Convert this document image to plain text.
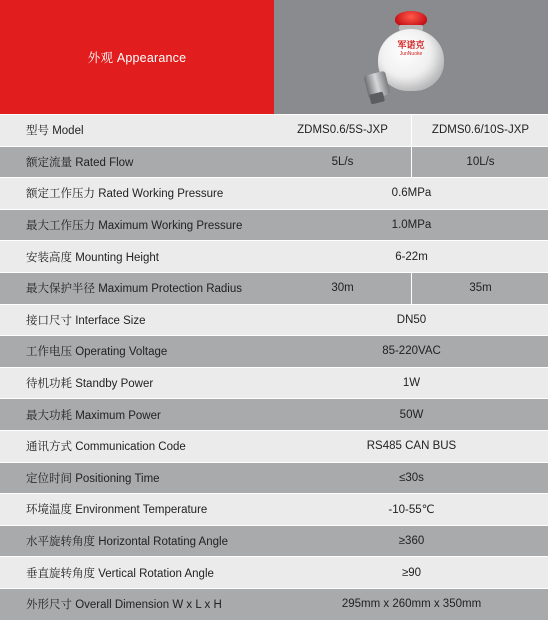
外观 Appearance
军诺克
JunNuoke
型号 Model	ZDMS0.6/5S-JXP	ZDMS0.6/10S-JXP
额定流量 Rated Flow	5L/s	10L/s
额定工作压力 Rated Working Pressure	0.6MPa	
最大工作压力 Maximum Working Pressure	1.0MPa	
安装高度 Mounting Height	6-22m	
最大保护半径 Maximum Protection Radius	30m	35m
接口尺寸 Interface Size	DN50	
工作电压 Operating Voltage	85-220VAC	
待机功耗 Standby Power	1W	
最大功耗 Maximum Power	50W	
通讯方式 Communication Code	RS485 CAN BUS	
定位时间 Positioning Time	≤30s	
环境温度 Environment Temperature	-10-55℃	
水平旋转角度 Horizontal Rotating Angle	≥360	
垂直旋转角度 Vertical Rotation Angle	≥90	
外形尺寸 Overall Dimension W x L x H	295mm x 260mm x 350mm	
